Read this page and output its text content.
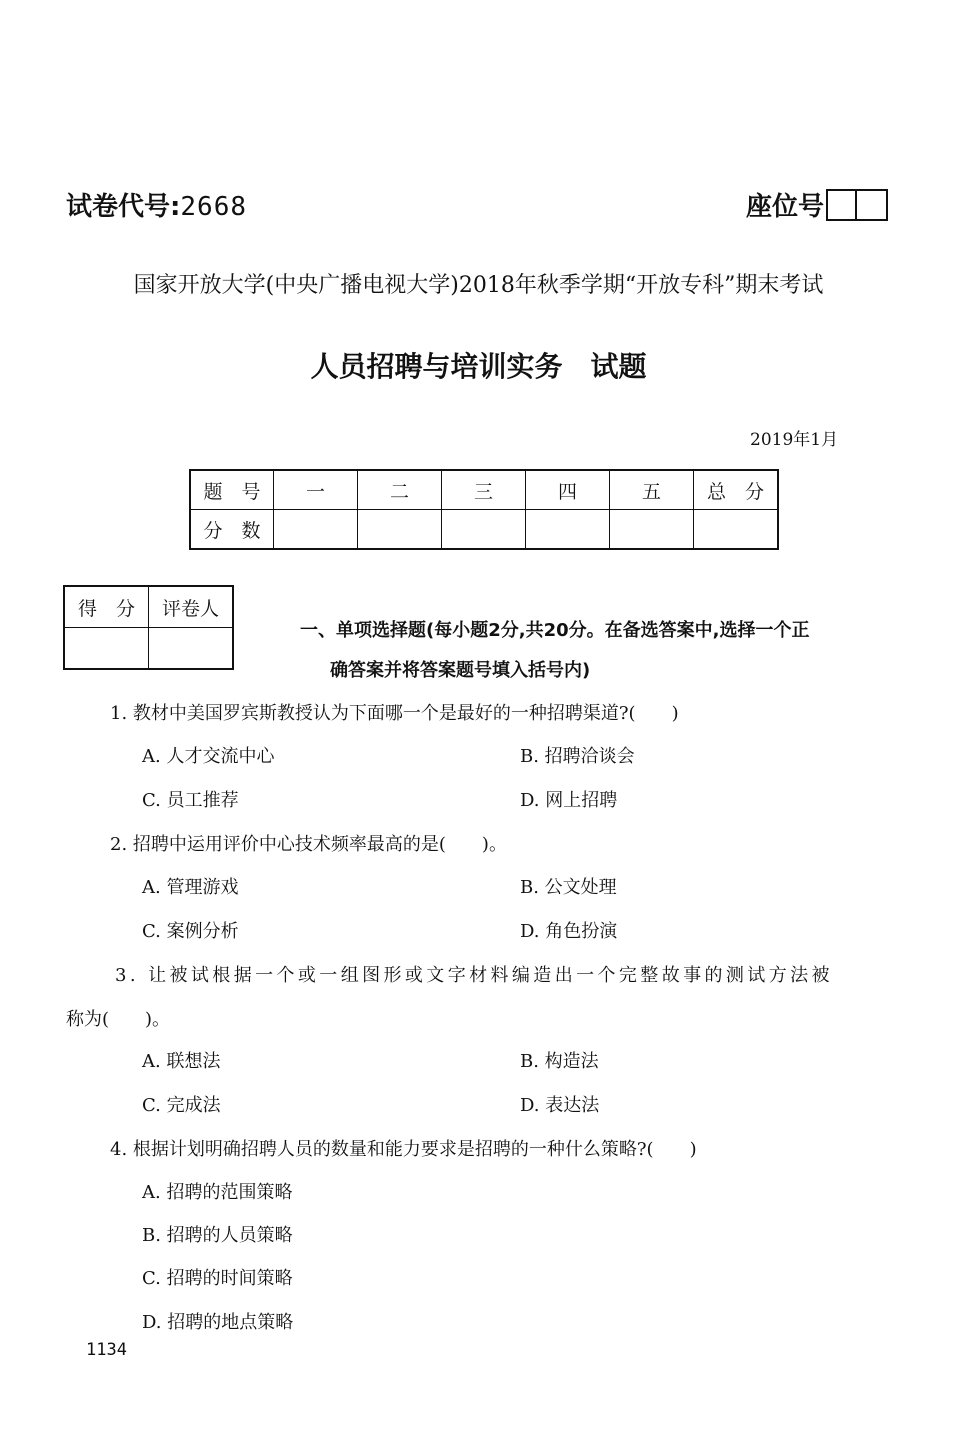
试卷代号:2668	座位号
国家开放大学(中央广播电视大学)2018年秋季学期“开放专科”期末考试
人员招聘与培训实务　试题
2019年1月
题　号	一	二	三	四	五	总　分
分　数						
得　分	评卷人

一、单项选择题(每小题2分,共20分。在备选答案中,选择一个正
确答案并将答案题号填入括号内)
1. 教材中美国罗宾斯教授认为下面哪一个是最好的一种招聘渠道?(　　)
A. 人才交流中心	B. 招聘洽谈会
C. 员工推荐	D. 网上招聘
2. 招聘中运用评价中心技术频率最高的是(　　)。
A. 管理游戏	B. 公文处理
C. 案例分析	D. 角色扮演
3. 让被试根据一个或一组图形或文字材料编造出一个完整故事的测试方法被
称为(　　)。
A. 联想法	B. 构造法
C. 完成法	D. 表达法
4. 根据计划明确招聘人员的数量和能力要求是招聘的一种什么策略?(　　)
A. 招聘的范围策略
B. 招聘的人员策略
C. 招聘的时间策略
D. 招聘的地点策略
1134
